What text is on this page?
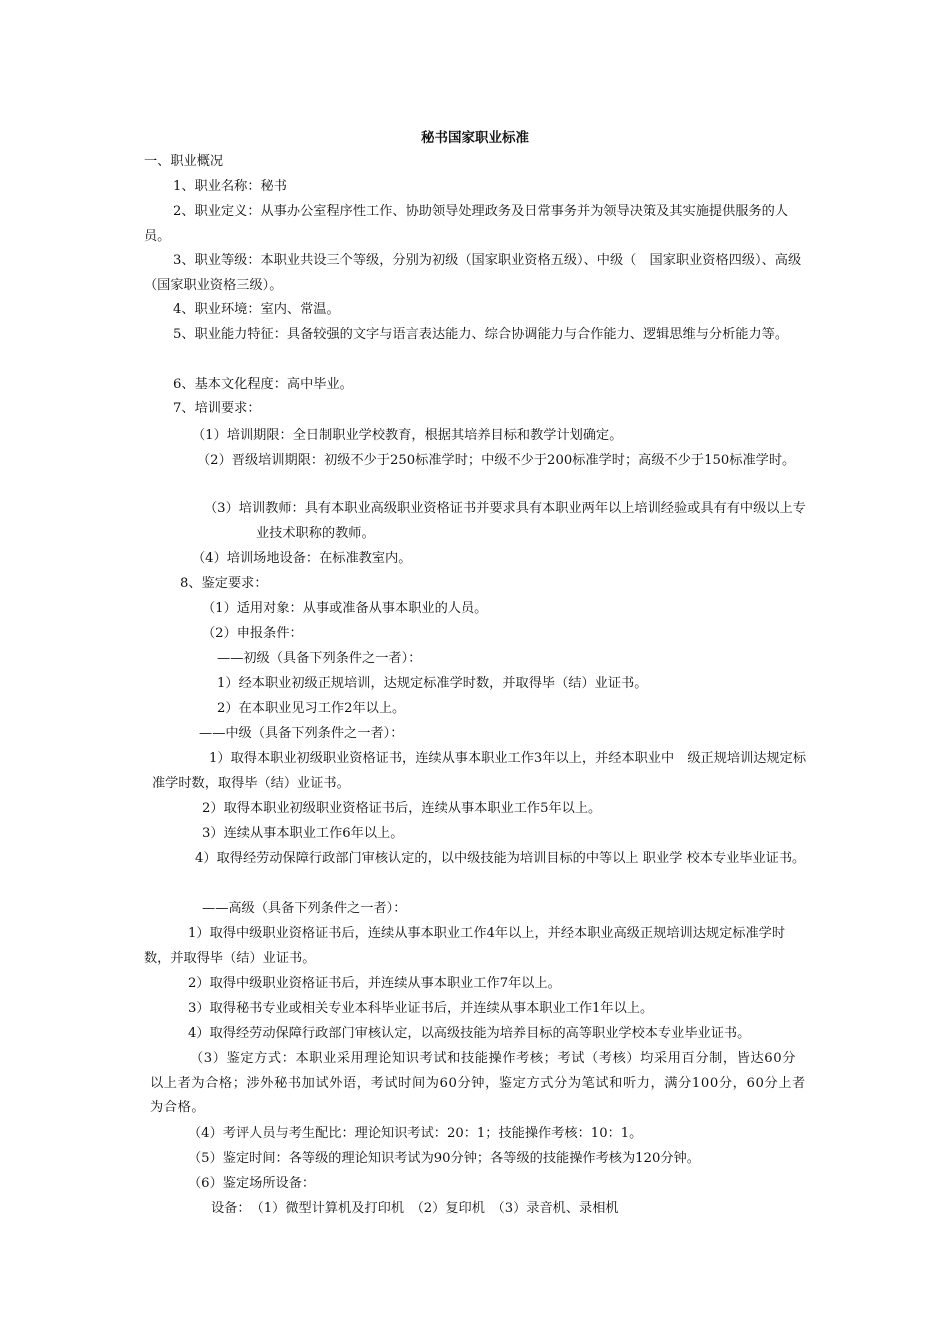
秘书国家职业标准

一、职业概况

1、职业名称：秘书

2、职业定义：从事办公室程序性工作、协助领导处理政务及日常事务并为领导决策及其实施提供服务的人员。

3、职业等级：本职业共设三个等级，分别为初级（国家职业资格五级）、中级（　国家职业资格四级）、高级（国家职业资格三级）。

4、职业环境：室内、常温。

5、职业能力特征：具备较强的文字与语言表达能力、综合协调能力与合作能力、逻辑思维与分析能力等。

6、基本文化程度：高中毕业。

7、培训要求：

（1）培训期限：全日制职业学校教育，根据其培养目标和教学计划确定。

（2）晋级培训期限：初级不少于250标准学时；中级不少于200标准学时；高级不少于150标准学时。

（3）培训教师：具有本职业高级职业资格证书并要求具有本职业两年以上培训经验或具有有中级以上专业技术职称的教师。

（4）培训场地设备：在标准教室内。

8、鉴定要求：

（1）适用对象：从事或准备从事本职业的人员。

（2）申报条件：

——初级（具备下列条件之一者）：

1）经本职业初级正规培训，达规定标准学时数，并取得毕（结）业证书。

2）在本职业见习工作2年以上。

——中级（具备下列条件之一者）：

1）取得本职业初级职业资格证书，连续从事本职业工作3年以上，并经本职业中　级正规培训达规定标准学时数，取得毕（结）业证书。

2）取得本职业初级职业资格证书后，连续从事本职业工作5年以上。

3）连续从事本职业工作6年以上。

4）取得经劳动保障行政部门审核认定的，以中级技能为培训目标的中等以上 职业学 校本专业毕业证书。

——高级（具备下列条件之一者）：

1）取得中级职业资格证书后，连续从事本职业工作4年以上，并经本职业高级正规培训达规定标准学时数，并取得毕（结）业证书。

2）取得中级职业资格证书后，并连续从事本职业工作7年以上。

3）取得秘书专业或相关专业本科毕业证书后，并连续从事本职业工作1年以上。

4）取得经劳动保障行政部门审核认定，以高级技能为培养目标的高等职业学校本专业毕业证书。

（3）鉴定方式：本职业采用理论知识考试和技能操作考核；考试（考核）均采用百分制，皆达60分以上者为合格；涉外秘书加试外语，考试时间为60分钟，鉴定方式分为笔试和听力，满分100分，60分上者为合格。

（4）考评人员与考生配比：理论知识考试：20：1；技能操作考核：10：1。

（5）鉴定时间：各等级的理论知识考试为90分钟；各等级的技能操作考核为120分钟。

（6）鉴定场所设备：

设备：　（1）微型计算机及打印机　（2）复印机　（3）录音机、录相机
